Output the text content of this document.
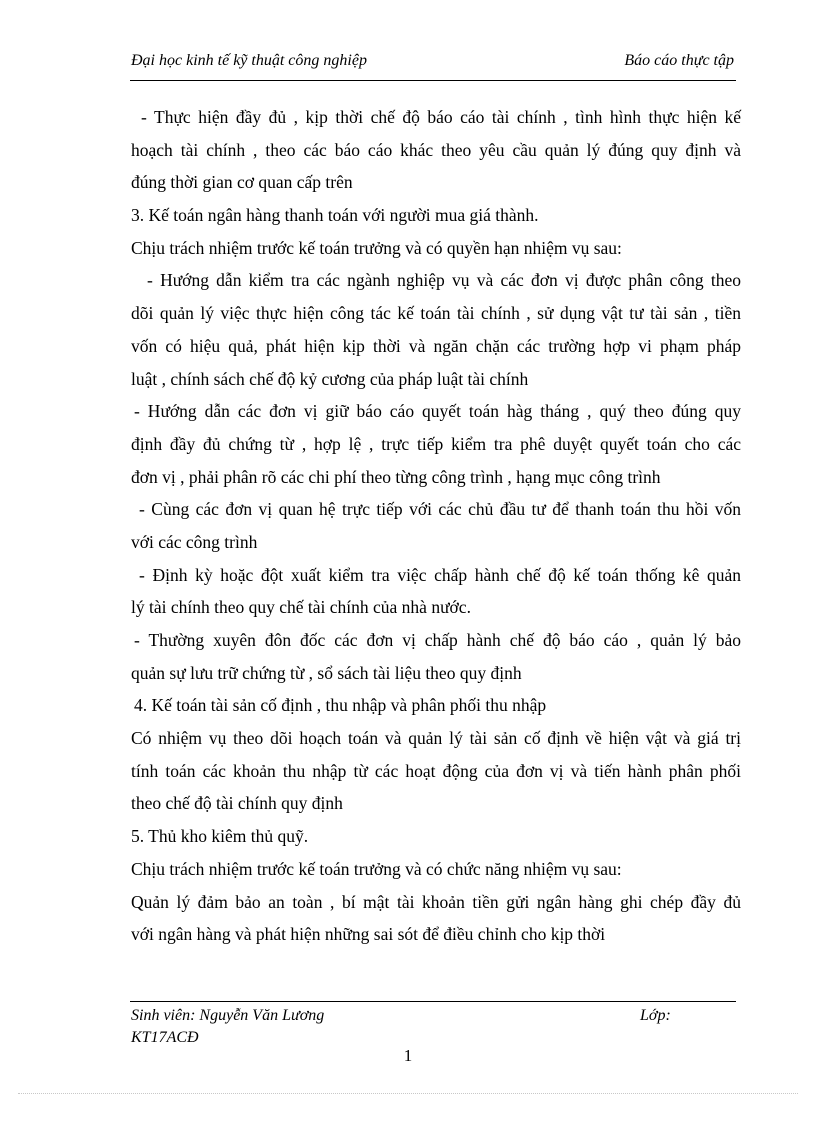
Đại học kinh tế kỹ thuật công nghiệp	Báo cáo thực tập
- Thực hiện đầy đủ , kịp thời chế độ báo cáo tài chính , tình hình thực hiện kế
hoạch tài chính , theo các báo cáo khác theo yêu cầu quản lý đúng quy định và
đúng thời gian cơ quan cấp trên
3. Kế toán ngân hàng thanh toán với người mua giá thành.
Chịu trách nhiệm trước kế toán trưởng và có quyền hạn nhiệm vụ sau:
- Hướng dẫn kiểm tra các ngành nghiệp vụ và các đơn vị được phân công theo
dõi quản lý việc thực hiện công tác kế toán tài chính , sử dụng vật tư tài sản , tiền
vốn có hiệu quả, phát hiện kịp thời và ngăn chặn các trường hợp vi phạm pháp
luật , chính sách chế độ kỷ cương của pháp luật tài chính
- Hướng dẫn các đơn vị giữ báo cáo quyết toán hàg tháng , quý theo đúng quy
định đầy đủ chứng từ , hợp lệ , trực tiếp kiểm tra phê duyệt quyết toán cho các
đơn vị , phải phân rõ các chi phí theo từng công trình , hạng mục công trình
- Cùng các đơn vị quan hệ trực tiếp với các chủ đầu tư để thanh toán thu hồi vốn
với các công trình
- Định kỳ hoặc đột xuất kiểm tra việc chấp hành chế độ kế toán thống kê quản
lý tài chính theo quy chế tài chính của nhà nước.
- Thường xuyên đôn đốc các đơn vị chấp hành chế độ báo cáo , quản lý bảo
quản sự lưu trữ chứng từ , sổ sách tài liệu theo quy định
4. Kế toán tài sản cố định , thu nhập và phân phối thu nhập
Có nhiệm vụ theo dõi hoạch toán và quản lý tài sản cố định về hiện vật và giá trị
tính toán các khoản thu nhập từ các hoạt động của đơn vị và tiến hành phân phối
theo chế độ tài chính quy định
5. Thủ kho kiêm thủ quỹ.
Chịu trách nhiệm trước kế toán trưởng và có chức năng nhiệm vụ sau:
Quản lý đảm bảo an toàn , bí mật tài khoản tiền gửi ngân hàng ghi chép đầy đủ
với ngân hàng và phát hiện những sai sót để điều chỉnh cho kịp thời
Sinh viên: Nguyễn Văn Lương	Lớp:
KT17ACĐ
1
